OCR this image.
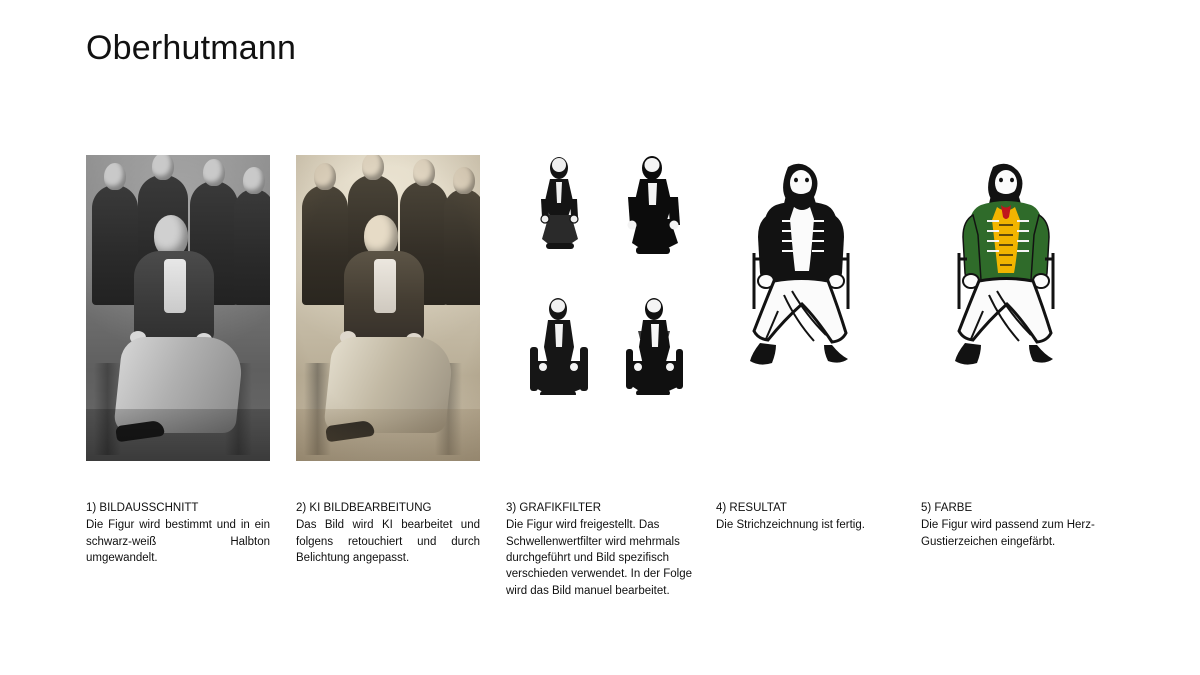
Oberhutmann
1) BILDAUSSCHNITT
Die Figur wird bestimmt und in ein schwarz-weiß Halbton umgewandelt.
2) KI BILDBEARBEITUNG
Das Bild wird KI bearbeitet und folgens retouchiert und durch Belichtung angepasst.
3) GRAFIKFILTER
Die Figur wird freigestellt. Das Schwellenwertfilter wird mehrmals durchgeführt und Bild spezifisch verschieden verwendet. In der Folge wird das Bild manuel bearbeitet.
4) RESULTAT
Die Strichzeichnung ist fertig.
5) FARBE
Die Figur wird passend zum Herz-Gustierzeichen eingefärbt.
